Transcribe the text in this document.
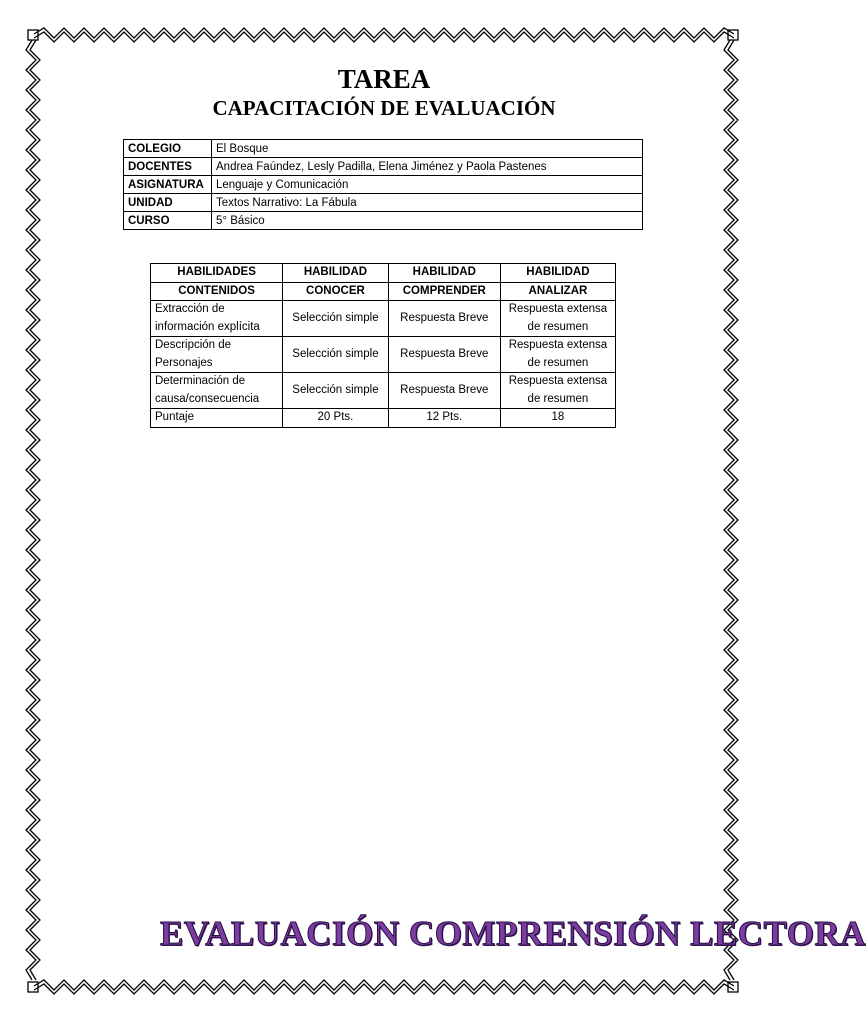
TAREA
CAPACITACIÓN DE EVALUACIÓN
COLEGIO	El Bosque
DOCENTES	Andrea Faúndez, Lesly Padilla, Elena Jiménez y Paola Pastenes
ASIGNATURA	Lenguaje y Comunicación
UNIDAD	Textos Narrativo: La Fábula
CURSO	5° Básico
HABILIDADES	HABILIDAD	HABILIDAD	HABILIDAD
CONTENIDOS	CONOCER	COMPRENDER	ANALIZAR
Extracción de información explícita	Selección simple	Respuesta Breve	Respuesta extensa de resumen
Descripción de Personajes	Selección simple	Respuesta Breve	Respuesta extensa de resumen
Determinación de causa/consecuencia	Selección simple	Respuesta Breve	Respuesta extensa de resumen
Puntaje	20 Pts.	12 Pts.	18
EVALUACIÓN COMPRENSIÓN LECTORA
